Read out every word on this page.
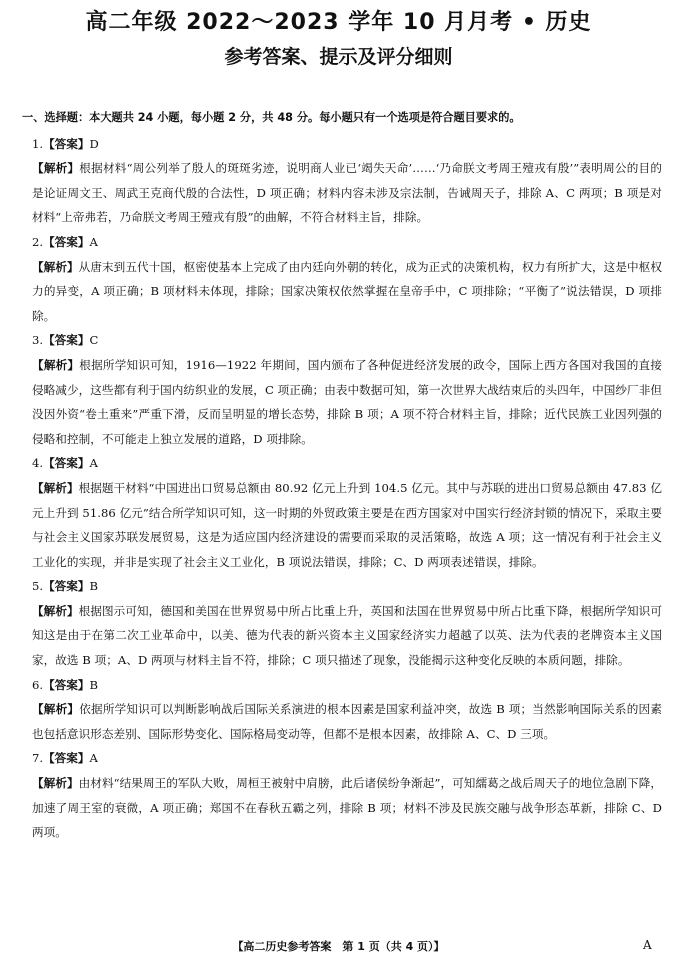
高二年级 2022～2023 学年 10 月月考 • 历史
参考答案、提示及评分细则
一、选择题：本大题共 24 小题，每小题 2 分，共 48 分。每小题只有一个选项是符合题目要求的。
1.【答案】D
【解析】根据材料“周公列举了殷人的斑斑劣迹，说明商人业已‘竭失天命’……‘乃命朕文考周王殪戎有殷’”表明周公的目的是论证周文王、周武王克商代殷的合法性，D 项正确；材料内容未涉及宗法制，告诫周天子，排除 A、C 两项；B 项是对材料“上帝弗若，乃命朕文考周王殪戎有殷”的曲解，不符合材料主旨，排除。
2.【答案】A
【解析】从唐末到五代十国，枢密使基本上完成了由内廷向外朝的转化，成为正式的决策机构，权力有所扩大，这是中枢权力的异变，A 项正确；B 项材料未体现，排除；国家决策权依然掌握在皇帝手中，C 项排除；“平衡了”说法错误，D 项排除。
3.【答案】C
【解析】根据所学知识可知，1916—1922 年期间，国内颁布了各种促进经济发展的政令，国际上西方各国对我国的直接侵略减少，这些都有利于国内纺织业的发展，C 项正确；由表中数据可知，第一次世界大战结束后的头四年，中国纱厂非但没因外资“卷土重来”严重下滑，反而呈明显的增长态势，排除 B 项；A 项不符合材料主旨，排除；近代民族工业因列强的侵略和控制，不可能走上独立发展的道路，D 项排除。
4.【答案】A
【解析】根据题干材料“中国进出口贸易总额由 80.92 亿元上升到 104.5 亿元。其中与苏联的进出口贸易总额由 47.83 亿元上升到 51.86 亿元”结合所学知识可知，这一时期的外贸政策主要是在西方国家对中国实行经济封锁的情况下，采取主要与社会主义国家苏联发展贸易，这是为适应国内经济建设的需要而采取的灵活策略，故选 A 项；这一情况有利于社会主义工业化的实现，并非是实现了社会主义工业化，B 项说法错误，排除；C、D 两项表述错误，排除。
5.【答案】B
【解析】根据图示可知，德国和美国在世界贸易中所占比重上升，英国和法国在世界贸易中所占比重下降，根据所学知识可知这是由于在第二次工业革命中，以美、德为代表的新兴资本主义国家经济实力超越了以英、法为代表的老牌资本主义国家，故选 B 项；A、D 两项与材料主旨不符，排除；C 项只描述了现象，没能揭示这种变化反映的本质问题，排除。
6.【答案】B
【解析】依据所学知识可以判断影响战后国际关系演进的根本因素是国家利益冲突，故选 B 项；当然影响国际关系的因素也包括意识形态差别、国际形势变化、国际格局变动等，但都不是根本因素，故排除 A、C、D 三项。
7.【答案】A
【解析】由材料“结果周王的军队大败，周桓王被射中肩膀，此后诸侯纷争渐起”，可知繻葛之战后周天子的地位急剧下降，加速了周王室的衰微，A 项正确；郑国不在春秋五霸之列，排除 B 项；材料不涉及民族交融与战争形态革新，排除 C、D 两项。
【高二历史参考答案　第 1 页（共 4 页）】	A
